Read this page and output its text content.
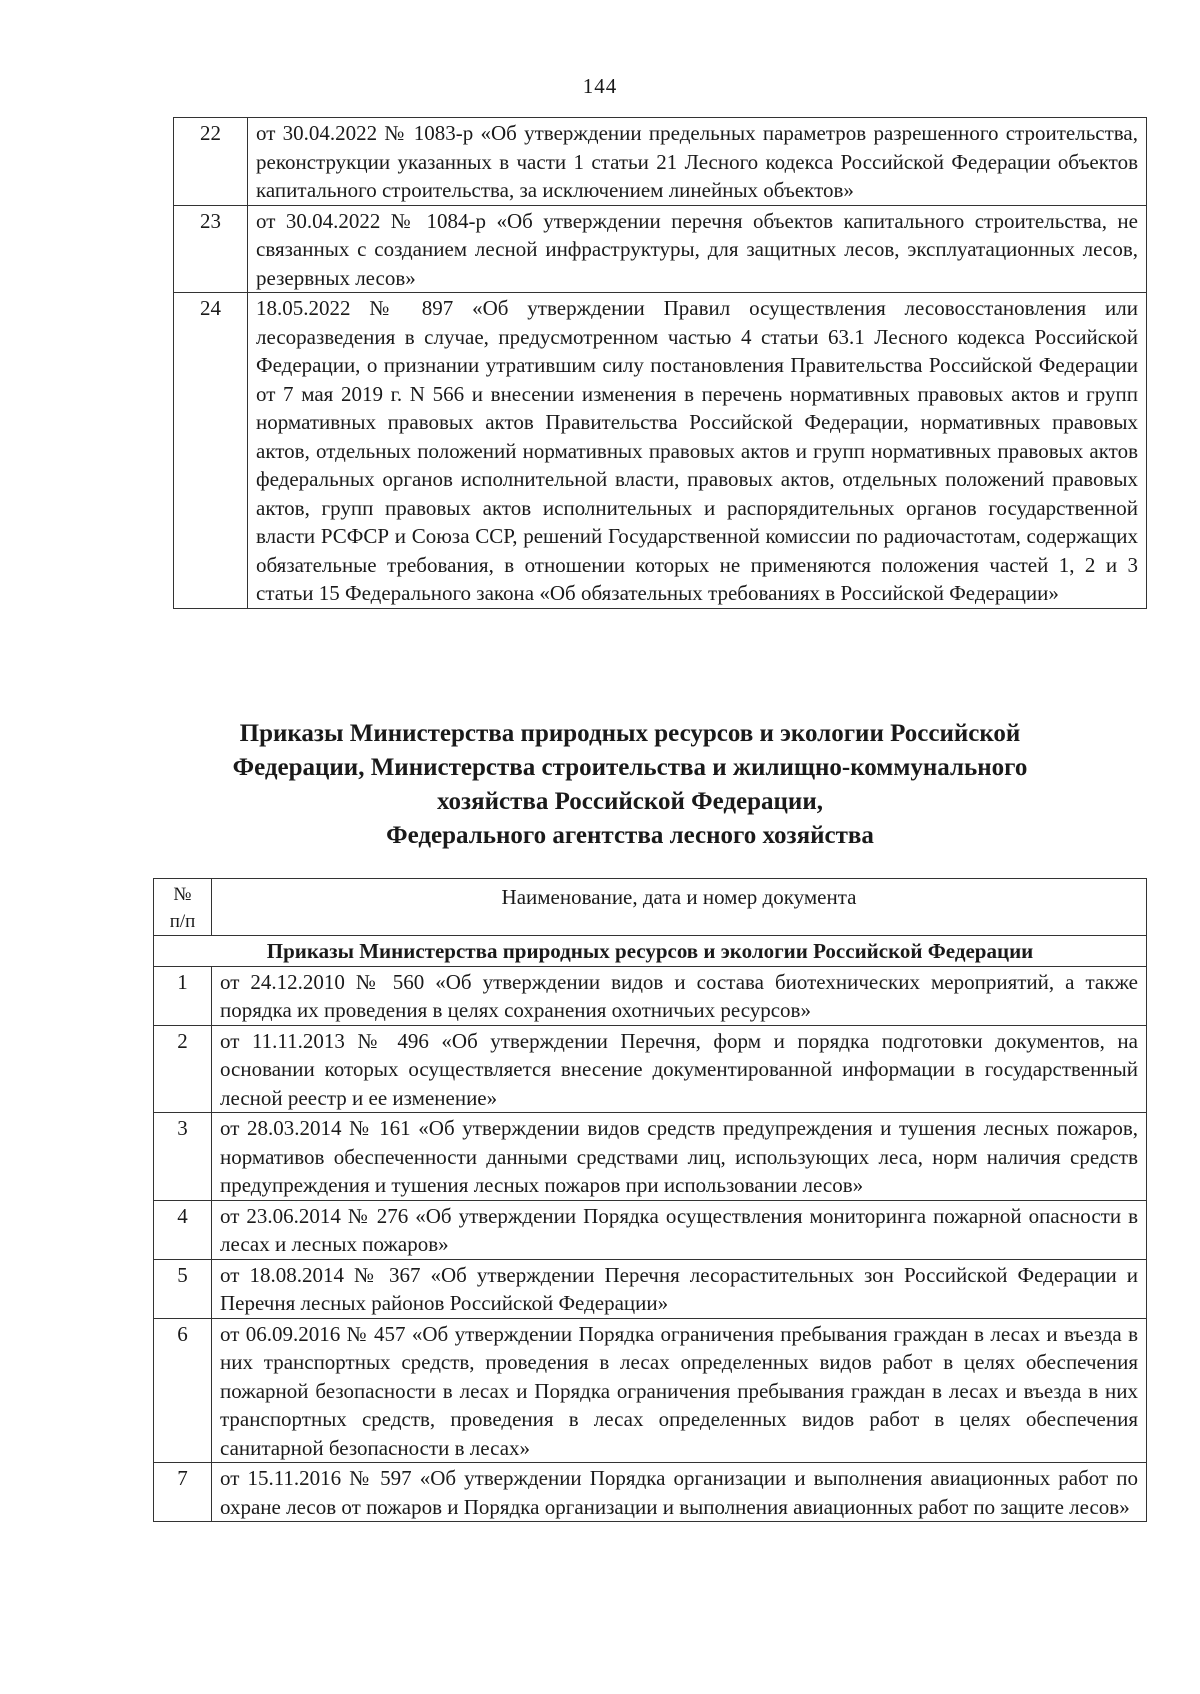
144
22	от 30.04.2022 № 1083-р «Об утверждении предельных параметров разрешенного строительства, реконструкции указанных в части 1 статьи 21 Лесного кодекса Российской Федерации объектов капитального строительства, за исключением линейных объектов»
23	от 30.04.2022 № 1084-р «Об утверждении перечня объектов капитального строительства, не связанных с созданием лесной инфраструктуры, для защитных лесов, эксплуатационных лесов, резервных лесов»
24	18.05.2022 № 897 «Об утверждении Правил осуществления лесовосстановления или лесоразведения в случае, предусмотренном частью 4 статьи 63.1 Лесного кодекса Российской Федерации, о признании утратившим силу постановления Правительства Российской Федерации от 7 мая 2019 г. N 566 и внесении изменения в перечень нормативных правовых актов и групп нормативных правовых актов Правительства Российской Федерации, нормативных правовых актов, отдельных положений нормативных правовых актов и групп нормативных правовых актов федеральных органов исполнительной власти, правовых актов, отдельных положений правовых актов, групп правовых актов исполнительных и распорядительных органов государственной власти РСФСР и Союза ССР, решений Государственной комиссии по радиочастотам, содержащих обязательные требования, в отношении которых не применяются положения частей 1, 2 и 3 статьи 15 Федерального закона «Об обязательных требованиях в Российской Федерации»
Приказы Министерства природных ресурсов и экологии Российской
Федерации, Министерства строительства и жилищно-коммунального
хозяйства Российской Федерации,
Федерального агентства лесного хозяйства
№
п/п	Наименование, дата и номер документа
Приказы Министерства природных ресурсов и экологии Российской Федерации	
1	от 24.12.2010 № 560 «Об утверждении видов и состава биотехнических мероприятий, а также порядка их проведения в целях сохранения охотничьих ресурсов»
2	от 11.11.2013 № 496 «Об утверждении Перечня, форм и порядка подготовки документов, на основании которых осуществляется внесение документированной информации в государственный лесной реестр и ее изменение»
3	от 28.03.2014 № 161 «Об утверждении видов средств предупреждения и тушения лесных пожаров, нормативов обеспеченности данными средствами лиц, использующих леса, норм наличия средств предупреждения и тушения лесных пожаров при использовании лесов»
4	от 23.06.2014 № 276 «Об утверждении Порядка осуществления мониторинга пожарной опасности в лесах и лесных пожаров»
5	от 18.08.2014 № 367 «Об утверждении Перечня лесорастительных зон Российской Федерации и Перечня лесных районов Российской Федерации»
6	от 06.09.2016 № 457 «Об утверждении Порядка ограничения пребывания граждан в лесах и въезда в них транспортных средств, проведения в лесах определенных видов работ в целях обеспечения пожарной безопасности в лесах и Порядка ограничения пребывания граждан в лесах и въезда в них транспортных средств, проведения в лесах определенных видов работ в целях обеспечения санитарной безопасности в лесах»
7	от 15.11.2016 № 597 «Об утверждении Порядка организации и выполнения авиационных работ по охране лесов от пожаров и Порядка организации и выполнения авиационных работ по защите лесов»
